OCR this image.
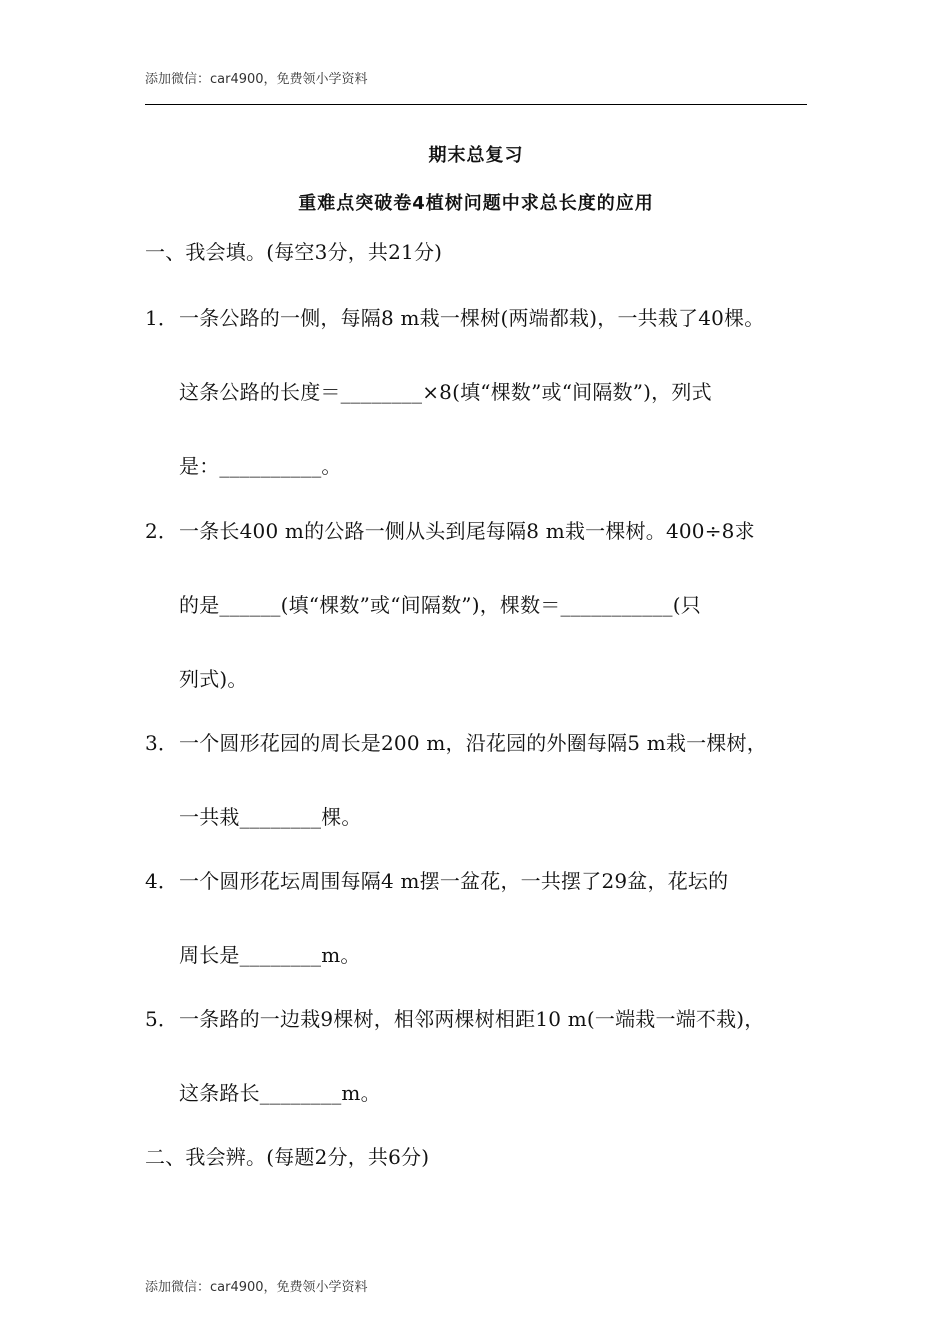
添加微信：car4900，免费领小学资料
期末总复习
重难点突破卷4植树问题中求总长度的应用
一、我会填。(每空3分，共21分)
1．一条公路的一侧，每隔8 m栽一棵树(两端都栽)，一共栽了40棵。
这条公路的长度＝________×8(填“棵数”或“间隔数”)，列式
是：__________。
2．一条长400 m的公路一侧从头到尾每隔8 m栽一棵树。400÷8求
的是______(填“棵数”或“间隔数”)，棵数＝___________(只
列式)。
3．一个圆形花园的周长是200 m，沿花园的外圈每隔5 m栽一棵树，
一共栽________棵。
4．一个圆形花坛周围每隔4 m摆一盆花，一共摆了29盆，花坛的
周长是________m。
5．一条路的一边栽9棵树，相邻两棵树相距10 m(一端栽一端不栽)，
这条路长________m。
二、我会辨。(每题2分，共6分)
添加微信：car4900，免费领小学资料
